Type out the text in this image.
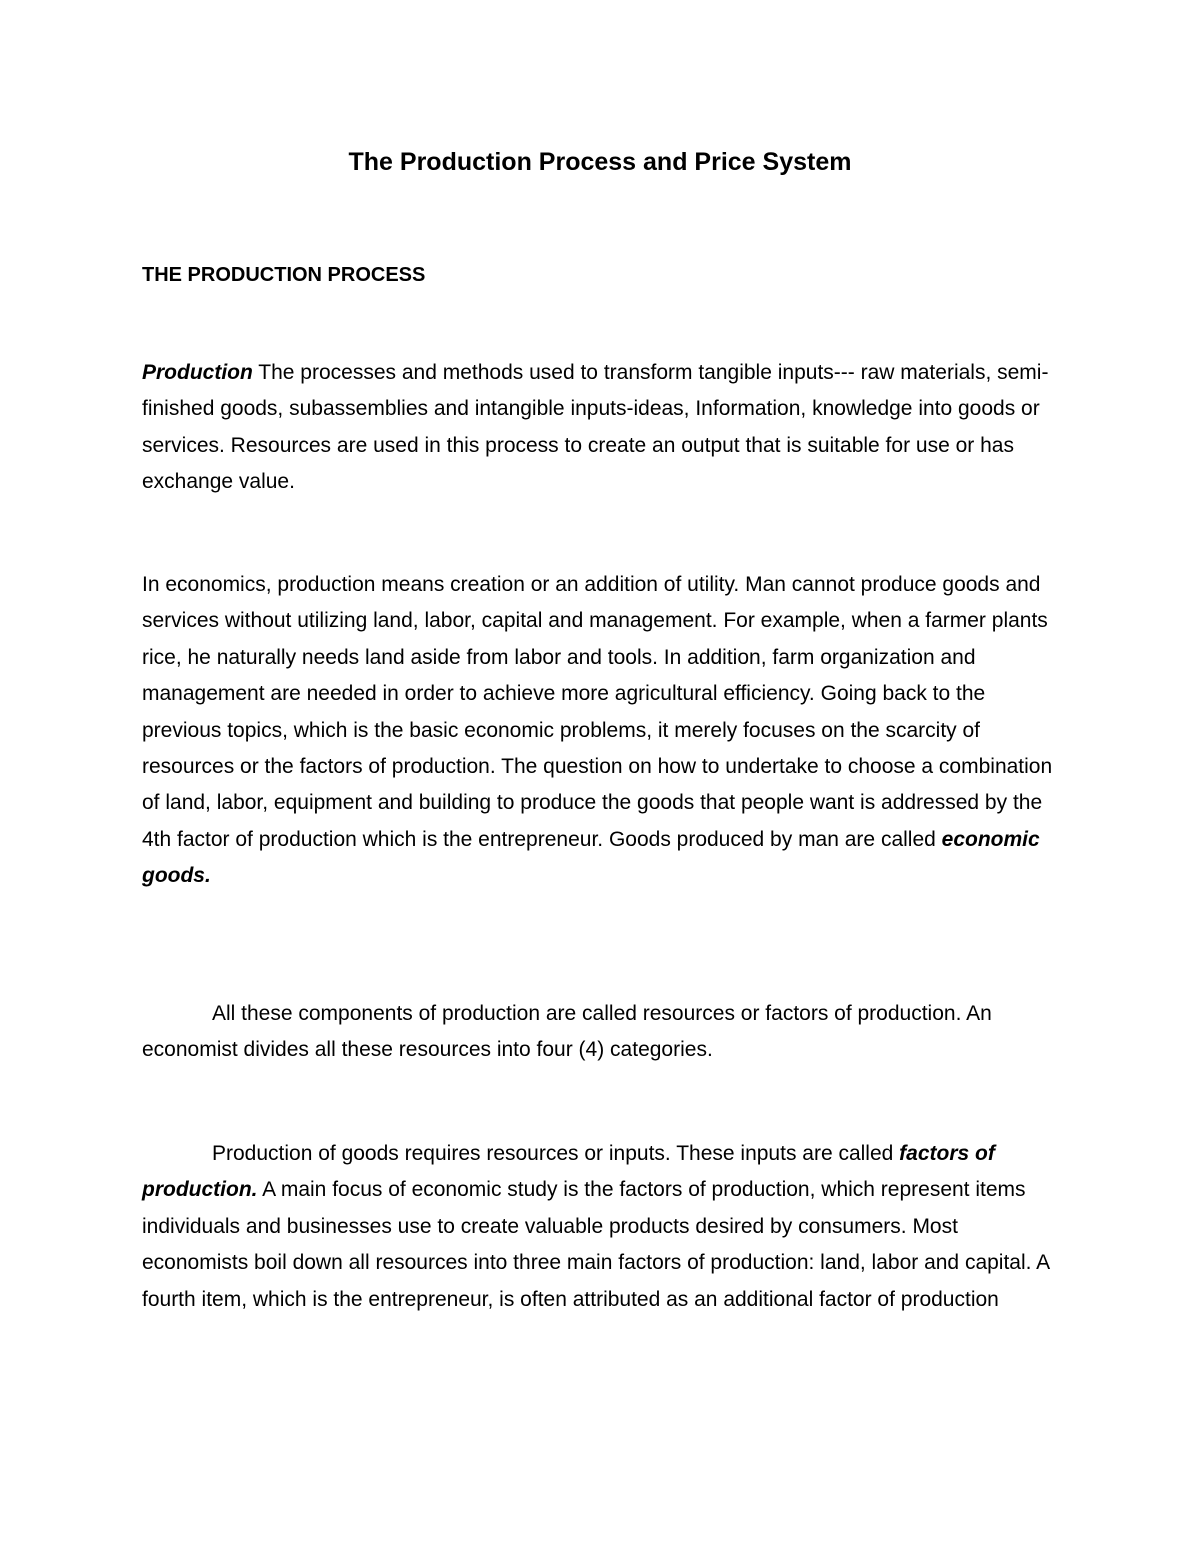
The Production Process and Price System
THE PRODUCTION PROCESS

Production The processes and methods used to transform tangible inputs--- raw materials, semi-finished goods, subassemblies and intangible inputs-ideas, Information, knowledge into goods or services. Resources are used in this process to create an output that is suitable for use or has exchange value.

In economics, production means creation or an addition of utility. Man cannot produce goods and services without utilizing land, labor, capital and management. For example, when a farmer plants rice, he naturally needs land aside from labor and tools. In addition, farm organization and management are needed in order to achieve more agricultural efficiency. Going back to the previous topics, which is the basic economic problems, it merely focuses on the scarcity of resources or the factors of production. The question on how to undertake to choose a combination of land, labor, equipment and building to produce the goods that people want is addressed by the 4th factor of production which is the entrepreneur. Goods produced by man are called economic goods.

All these components of production are called resources or factors of production. An economist divides all these resources into four (4) categories.

Production of goods requires resources or inputs. These inputs are called factors of production. A main focus of economic study is the factors of production, which represent items individuals and businesses use to create valuable products desired by consumers. Most economists boil down all resources into three main factors of production: land, labor and capital. A fourth item, which is the entrepreneur, is often attributed as an additional factor of production
